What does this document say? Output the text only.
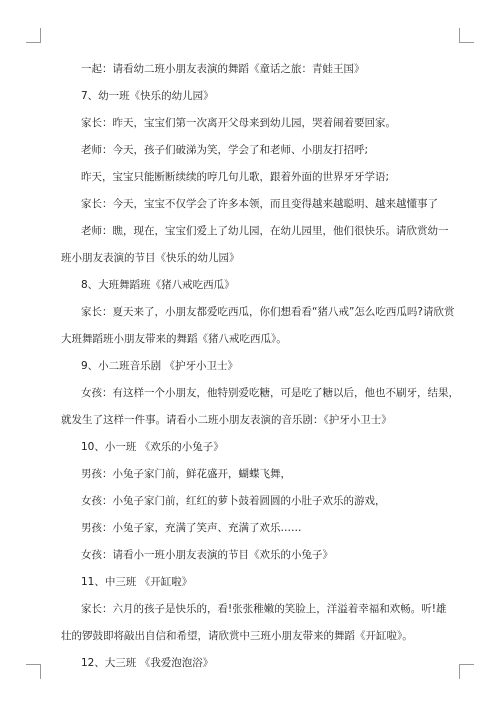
一起：请看幼二班小朋友表演的舞蹈《童话之旅：青蛙王国》

7、幼一班《快乐的幼儿园》

家长：昨天，宝宝们第一次离开父母来到幼儿园，哭着闹着要回家。

老师：今天，孩子们破涕为笑，学会了和老师、小朋友打招呼;

昨天，宝宝只能断断续续的哼几句儿歌，跟着外面的世界牙牙学语;

家长：今天，宝宝不仅学会了许多本领，而且变得越来越聪明、越来越懂事了

老师：瞧，现在，宝宝们爱上了幼儿园，在幼儿园里，他们很快乐。请欣赏幼一

班小朋友表演的节目《快乐的幼儿园》

8、大班舞蹈班《猪八戒吃西瓜》

家长：夏天来了，小朋友都爱吃西瓜，你们想看看“猪八戒”怎么吃西瓜吗?请欣赏

大班舞蹈班小朋友带来的舞蹈《猪八戒吃西瓜》。

9、小二班音乐剧 《护牙小卫士》

女孩：有这样一个小朋友，他特别爱吃糖，可是吃了糖以后，他也不刷牙，结果，

就发生了这样一件事。请看小二班小朋友表演的音乐剧：《护牙小卫士》

10、小一班 《欢乐的小兔子》

男孩：小兔子家门前，鲜花盛开，蝴蝶飞舞，

女孩：小兔子家门前，红红的萝卜鼓着圆圆的小肚子欢乐的游戏，

男孩：小兔子家，充满了笑声、充满了欢乐……

女孩：请看小一班小朋友表演的节目《欢乐的小兔子》

11、中三班 《开缸啦》

家长：六月的孩子是快乐的，看!张张稚嫩的笑脸上，洋溢着幸福和欢畅。听!雄

壮的锣鼓即将敲出自信和希望，请欣赏中三班小朋友带来的舞蹈《开缸啦》。

12、大三班 《我爱泡泡浴》
